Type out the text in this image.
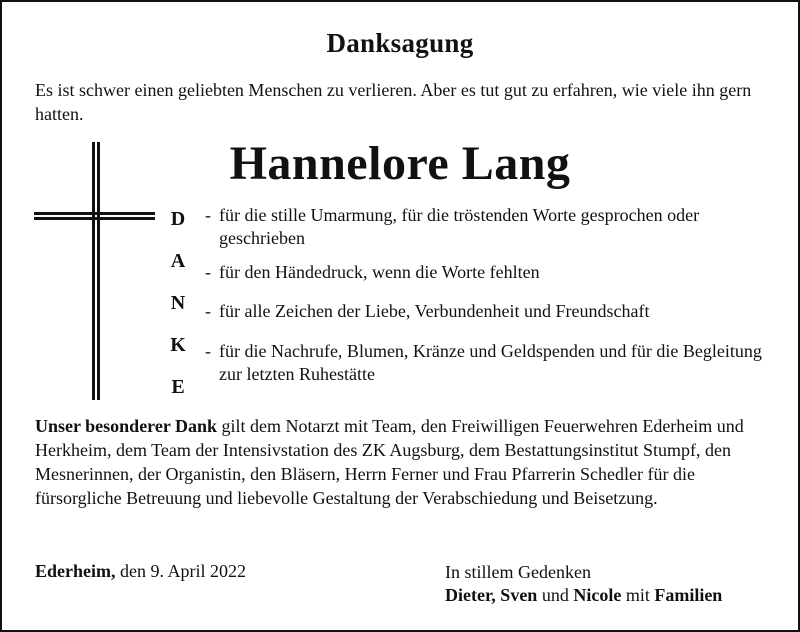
Danksagung
Es ist schwer einen geliebten Menschen zu verlieren. Aber es tut gut zu erfahren, wie viele ihn gern hatten.
Hannelore Lang
D
A
N
K
E
- für die stille Umarmung, für die tröstenden Worte gesprochen oder geschrieben
- für den Händedruck, wenn die Worte fehlten
- für alle Zeichen der Liebe, Verbundenheit und Freundschaft
- für die Nachrufe, Blumen, Kränze und Geldspenden und für die Begleitung zur letzten Ruhestätte
Unser besonderer Dank gilt dem Notarzt mit Team, den Freiwilligen Feuerwehren Ederheim und Herkheim, dem Team der Intensivstation des ZK Augsburg, dem Bestattungsinstitut Stumpf, den Mesnerinnen, der Organistin, den Bläsern, Herrn Ferner und Frau Pfarrerin Schedler für die fürsorgliche Betreuung und liebevolle Gestaltung der Verabschiedung und Beisetzung.
Ederheim, den 9. April 2022	In stillem Gedenken
Dieter, Sven und Nicole mit Familien
